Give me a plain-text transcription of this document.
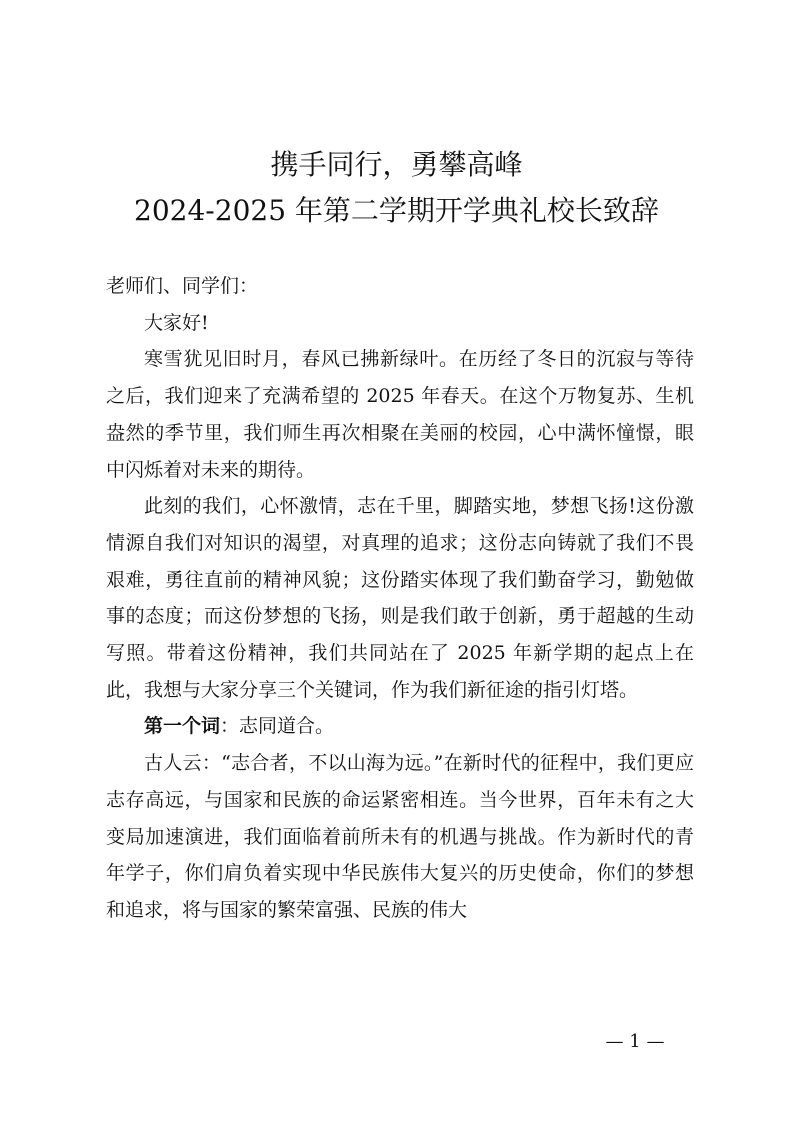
携手同行，勇攀高峰
2024-2025 年第二学期开学典礼校长致辞

老师们、同学们：

大家好!

寒雪犹见旧时月，春风已拂新绿叶。在历经了冬日的沉寂与等待之后，我们迎来了充满希望的 2025 年春天。在这个万物复苏、生机盎然的季节里，我们师生再次相聚在美丽的校园，心中满怀憧憬，眼中闪烁着对未来的期待。

此刻的我们，心怀激情，志在千里，脚踏实地，梦想飞扬!这份激情源自我们对知识的渴望，对真理的追求；这份志向铸就了我们不畏艰难，勇往直前的精神风貌；这份踏实体现了我们勤奋学习，勤勉做事的态度；而这份梦想的飞扬，则是我们敢于创新，勇于超越的生动写照。带着这份精神，我们共同站在了 2025 年新学期的起点上在此，我想与大家分享三个关键词，作为我们新征途的指引灯塔。

第一个词：志同道合。

古人云：“志合者，不以山海为远。”在新时代的征程中，我们更应志存高远，与国家和民族的命运紧密相连。当今世界，百年未有之大变局加速演进，我们面临着前所未有的机遇与挑战。作为新时代的青年学子，你们肩负着实现中华民族伟大复兴的历史使命，你们的梦想和追求，将与国家的繁荣富强、民族的伟大

— 1 —
